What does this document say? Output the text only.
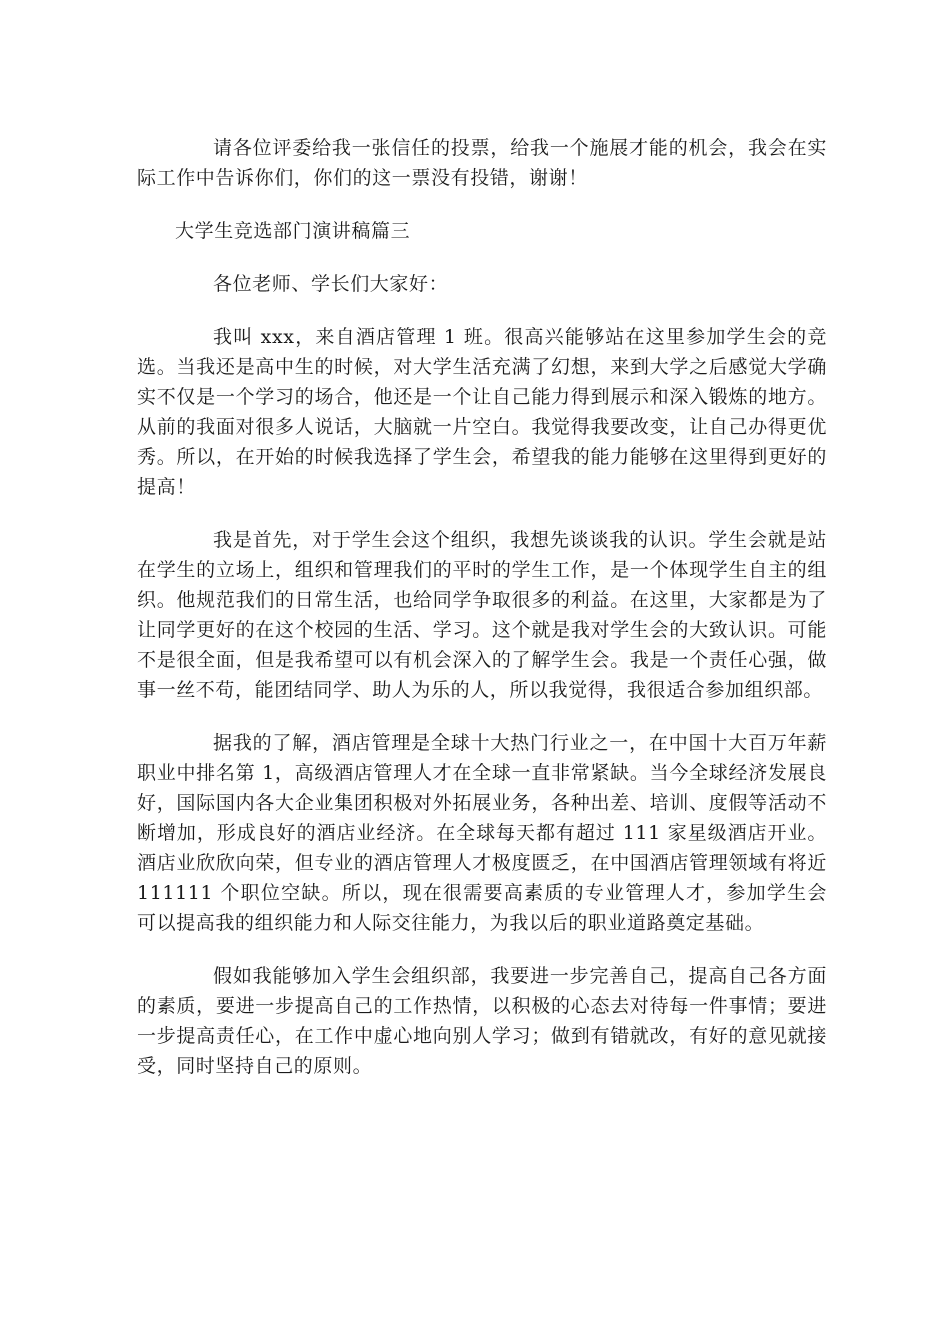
请各位评委给我一张信任的投票，给我一个施展才能的机会，我会在实际工作中告诉你们，你们的这一票没有投错，谢谢！

大学生竞选部门演讲稿篇三

各位老师、学长们大家好：

我叫 xxx，来自酒店管理 1 班。很高兴能够站在这里参加学生会的竞选。当我还是高中生的时候，对大学生活充满了幻想，来到大学之后感觉大学确实不仅是一个学习的场合，他还是一个让自己能力得到展示和深入锻炼的地方。从前的我面对很多人说话，大脑就一片空白。我觉得我要改变，让自己办得更优秀。所以，在开始的时候我选择了学生会，希望我的能力能够在这里得到更好的提高！

我是首先，对于学生会这个组织，我想先谈谈我的认识。学生会就是站在学生的立场上，组织和管理我们的平时的学生工作，是一个体现学生自主的组织。他规范我们的日常生活，也给同学争取很多的利益。在这里，大家都是为了让同学更好的在这个校园的生活、学习。这个就是我对学生会的大致认识。可能不是很全面，但是我希望可以有机会深入的了解学生会。我是一个责任心强，做事一丝不苟，能团结同学、助人为乐的人，所以我觉得，我很适合参加组织部。

据我的了解，酒店管理是全球十大热门行业之一，在中国十大百万年薪职业中排名第 1，高级酒店管理人才在全球一直非常紧缺。当今全球经济发展良好，国际国内各大企业集团积极对外拓展业务，各种出差、培训、度假等活动不断增加，形成良好的酒店业经济。在全球每天都有超过 111 家星级酒店开业。酒店业欣欣向荣，但专业的酒店管理人才极度匮乏，在中国酒店管理领域有将近 111111 个职位空缺。所以，现在很需要高素质的专业管理人才，参加学生会可以提高我的组织能力和人际交往能力，为我以后的职业道路奠定基础。

假如我能够加入学生会组织部，我要进一步完善自己，提高自己各方面的素质，要进一步提高自己的工作热情，以积极的心态去对待每一件事情；要进一步提高责任心，在工作中虚心地向别人学习；做到有错就改，有好的意见就接受，同时坚持自己的原则。
